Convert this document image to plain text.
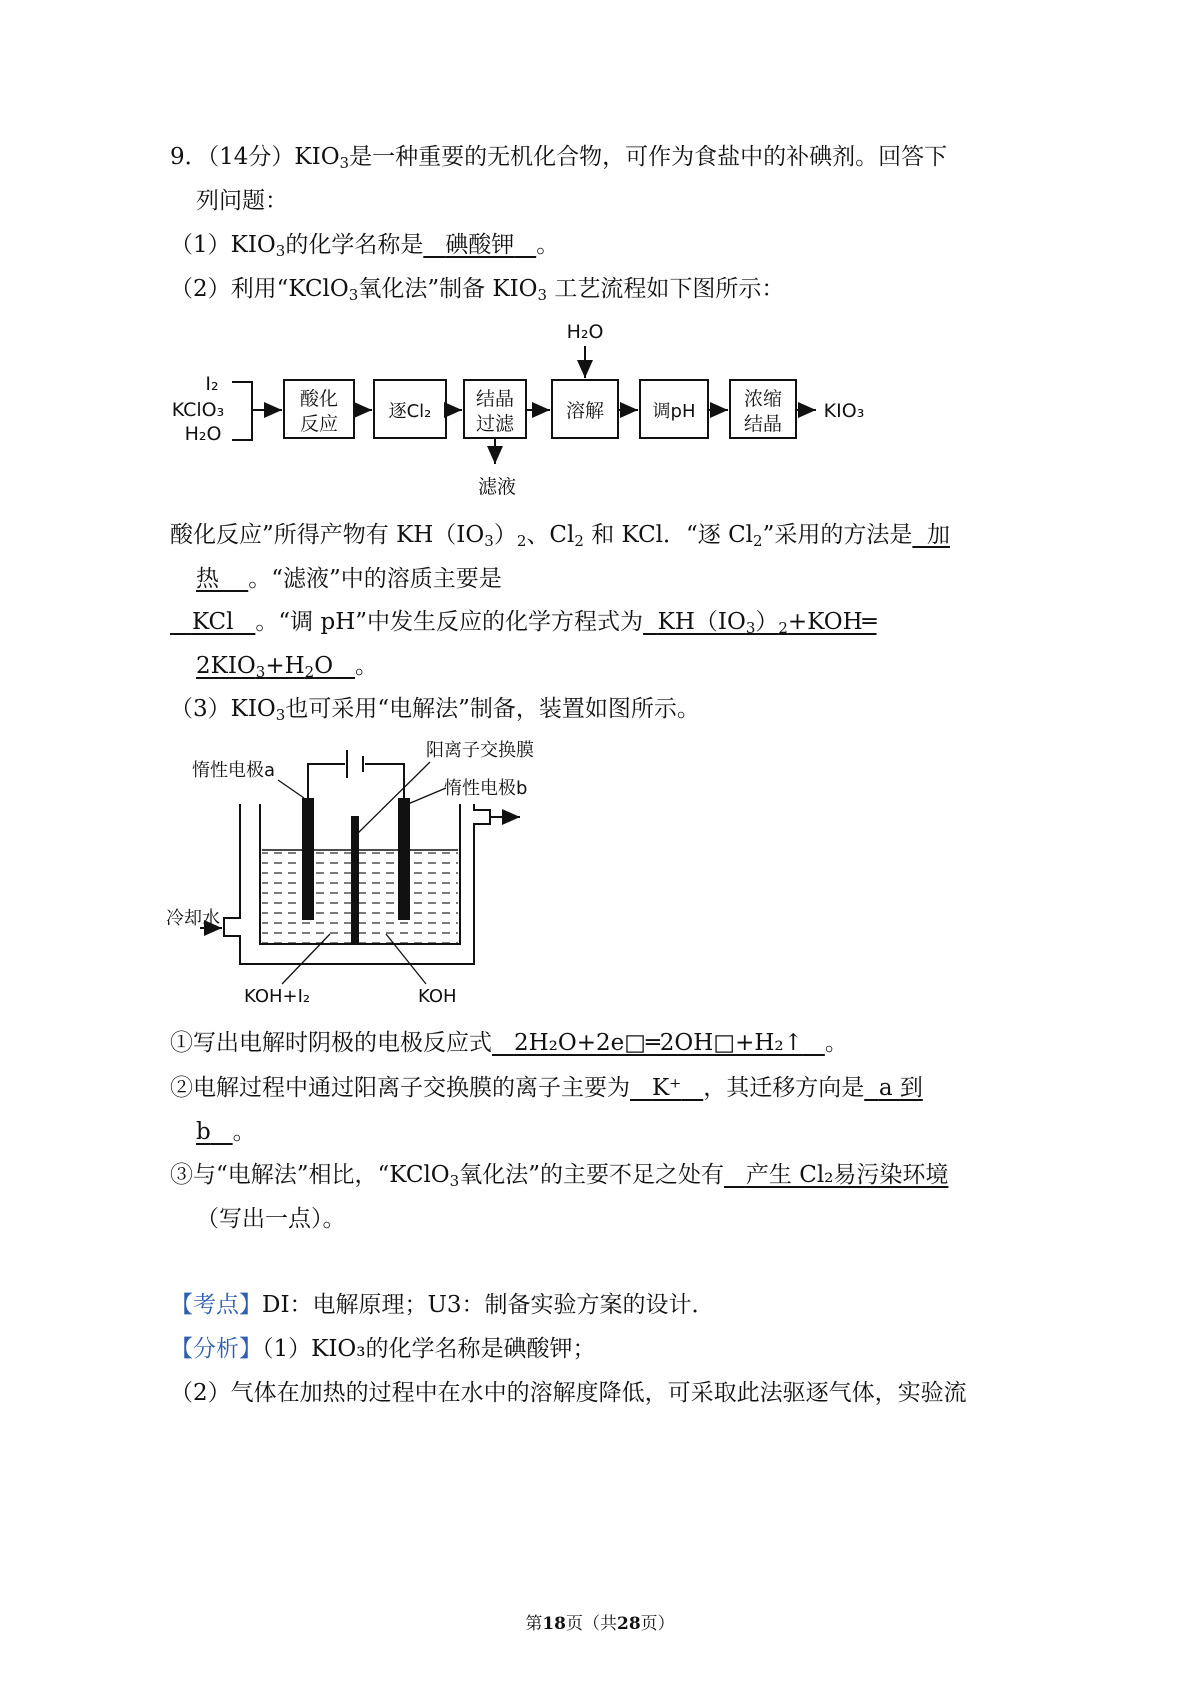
9．（14分）$KIO_3$是一种重要的无机化合物，可作为食盐中的补碘剂。回答下
列问题：
$(1)KIO_3$的化学名称是 碘酸钾 。
（2）利用“KClO$_3$氧化法”制备 $KIO_3$ 工艺流程如下图所示：
I₂
KClO₃
H₂O
酸化
反应
逐Cl₂
结晶
过滤
滤液
溶解
H₂O
调pH
浓缩
结晶
KIO₃
酸化反应”所得产物有 $KH(IO_3)_2$、$Cl_2$ 和 KCl．“逐 $Cl_2$”采用的方法是 加
热 。“滤液”中的溶质主要是
KCl 。“调 pH”中发生反应的化学方程式为 $KH(IO_3)_2+KOH═$
$2KIO_3+H_2O$ 。
$(3)KIO_3$也可采用“电解法”制备，装置如图所示。
冷却水
惰性电极a
阳离子交换膜
惰性电极b
KOH+I₂	KOH
①写出电解时阴极的电极反应式 2H₂O+2e□═2OH□+H₂↑ 。
②电解过程中通过阳离子交换膜的离子主要为 K⁺ ，其迁移方向是 a 到
b 。
③与“电解法”相比，“KClO$_3$氧化法”的主要不足之处有 产生 Cl₂易污染环境
（写出一点）。
【考点】DI：电解原理；U3：制备实验方案的设计．
【分析】（1）KIO₃的化学名称是碘酸钾；
（2）气体在加热的过程中在水中的溶解度降低，可采取此法驱逐气体，实验流
第18页（共28页）
